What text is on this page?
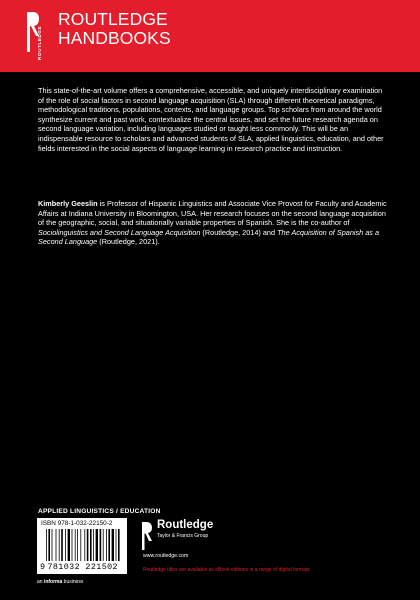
ROUTLEDGE
ROUTLEDGE
HANDBOOKS

This state-of-the-art volume offers a comprehensive, accessible, and uniquely interdisciplinary examination of the role of social factors in second language acquisition (SLA) through different theoretical paradigms, methodological traditions, populations, contexts, and language groups. Top scholars from around the world synthesize current and past work, contextualize the central issues, and set the future research agenda on second language variation, including languages studied or taught less commonly. This will be an indispensable resource to scholars and advanced students of SLA, applied linguistics, education, and other fields interested in the social aspects of language learning in research practice and instruction.

Kimberly Geeslin is Professor of Hispanic Linguistics and Associate Vice Provost for Faculty and Academic Affairs at Indiana University in Bloomington, USA. Her research focuses on the second language acquisition of the geographic, social, and situationally variable properties of Spanish. She is the co-author of Sociolinguistics and Second Language Acquisition (Routledge, 2014) and The Acquisition of Spanish as a Second Language (Routledge, 2021).

APPLIED LINGUISTICS / EDUCATION
ISBN 978-1-032-22150-2
9 781032 221502
an informa business
Routledge
Taylor & Francis Group
www.routledge.com
Routledge titles are available as eBook editions in a range of digital formats
